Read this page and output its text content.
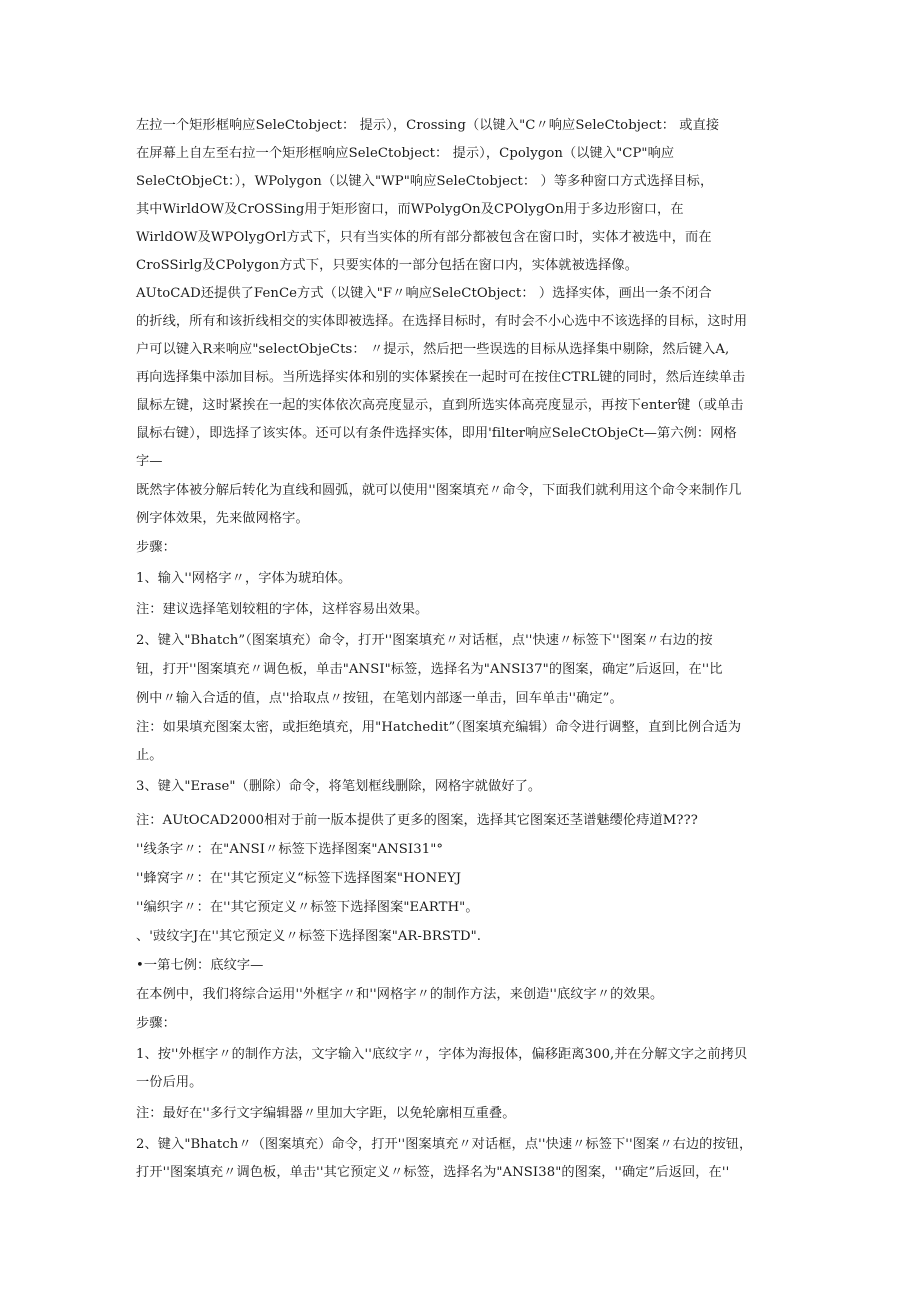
左拉一个矩形框响应SeleCtobject： 提示），Crossing（以键入"C〃响应SeleCtobject： 或直接

在屏幕上自左至右拉一个矩形框响应SeleCtobject： 提示），Cpolygon（以键入"CP"响应

SeleCtObjeCt：），WPolygon（以键入"WP"响应SeleCtobject： ）等多种窗口方式选择目标，

其中WirldOW及CrOSSing用于矩形窗口，而WPolygOn及CPOlygOn用于多边形窗口，在

WirldOW及WPOlygOrl方式下，只有当实体的所有部分都被包含在窗口时，实体才被选中，而在

CroSSirlg及CPolygon方式下，只要实体的一部分包括在窗口内，实体就被选择像。

AUtoCAD还提供了FenCe方式（以键入"F〃响应SeleCtObject： ）选择实体，画出一条不闭合

的折线，所有和该折线相交的实体即被选择。在选择目标时，有时会不小心选中不该选择的目标，这时用

户可以键入R来响应"selectObjeCts： 〃提示，然后把一些误选的目标从选择集中剔除，然后键入A,

再向选择集中添加目标。当所选择实体和别的实体紧挨在一起时可在按住CTRL键的同时，然后连续单击

鼠标左键，这时紧挨在一起的实体依次高亮度显示，直到所选实体高亮度显示，再按下enter键（或单击

鼠标右键），即选择了该实体。还可以有条件选择实体，即用'filter响应SeleCtObjeCt—第六例：网格

字—

既然字体被分解后转化为直线和圆弧，就可以使用''图案填充〃命令，下面我们就利用这个命令来制作几

例字体效果，先来做网格字。

步骤：

1、输入''网格字〃，字体为琥珀体。

注：建议选择笔划较粗的字体，这样容易出效果。

2、键入"Bhatch”（图案填充）命令，打开''图案填充〃对话框，点''快速〃标签下''图案〃右边的按

钮，打开''图案填充〃调色板，单击"ANSI"标签，选择名为"ANSI37"的图案，确定”后返回，在''比

例中〃输入合适的值，点''拾取点〃按钮，在笔划内部逐一单击，回车单击''确定”。

注：如果填充图案太密，或拒绝填充，用"Hatchedit”（图案填充编辑）命令进行调整，直到比例合适为

止。

3、键入"Erase"（删除）命令，将笔划框线删除，网格字就做好了。

注：AUtOCAD2000相对于前一版本提供了更多的图案，选择其它图案还茎谱魅缨伦痔道M???

''线条字〃：在"ANSI〃标签下选择图案"ANSI31"°

''蜂窝字〃：在''其它预定义“标签下选择图案"HONEYJ

''编织字〃：在''其它预定义〃标签下选择图案"EARTH"。

、'豉纹字J在''其它预定义〃标签下选择图案"AR-BRSTD".

•一第七例：底纹字—

在本例中，我们将综合运用''外框字〃和''网格字〃的制作方法，来创造''底纹字〃的效果。

步骤：

1、按''外框字〃的制作方法，文字输入''底纹字〃，字体为海报体，偏移距离300,并在分解文字之前拷贝

一份后用。

注：最好在''多行文字编辑器〃里加大字距，以免轮廓相互重叠。

2、键入"Bhatch〃（图案填充）命令，打开''图案填充〃对话框，点''快速〃标签下''图案〃右边的按钮，

打开''图案填充〃调色板，单击''其它预定义〃标签，选择名为"ANSI38"的图案，''确定”后返回，在''
